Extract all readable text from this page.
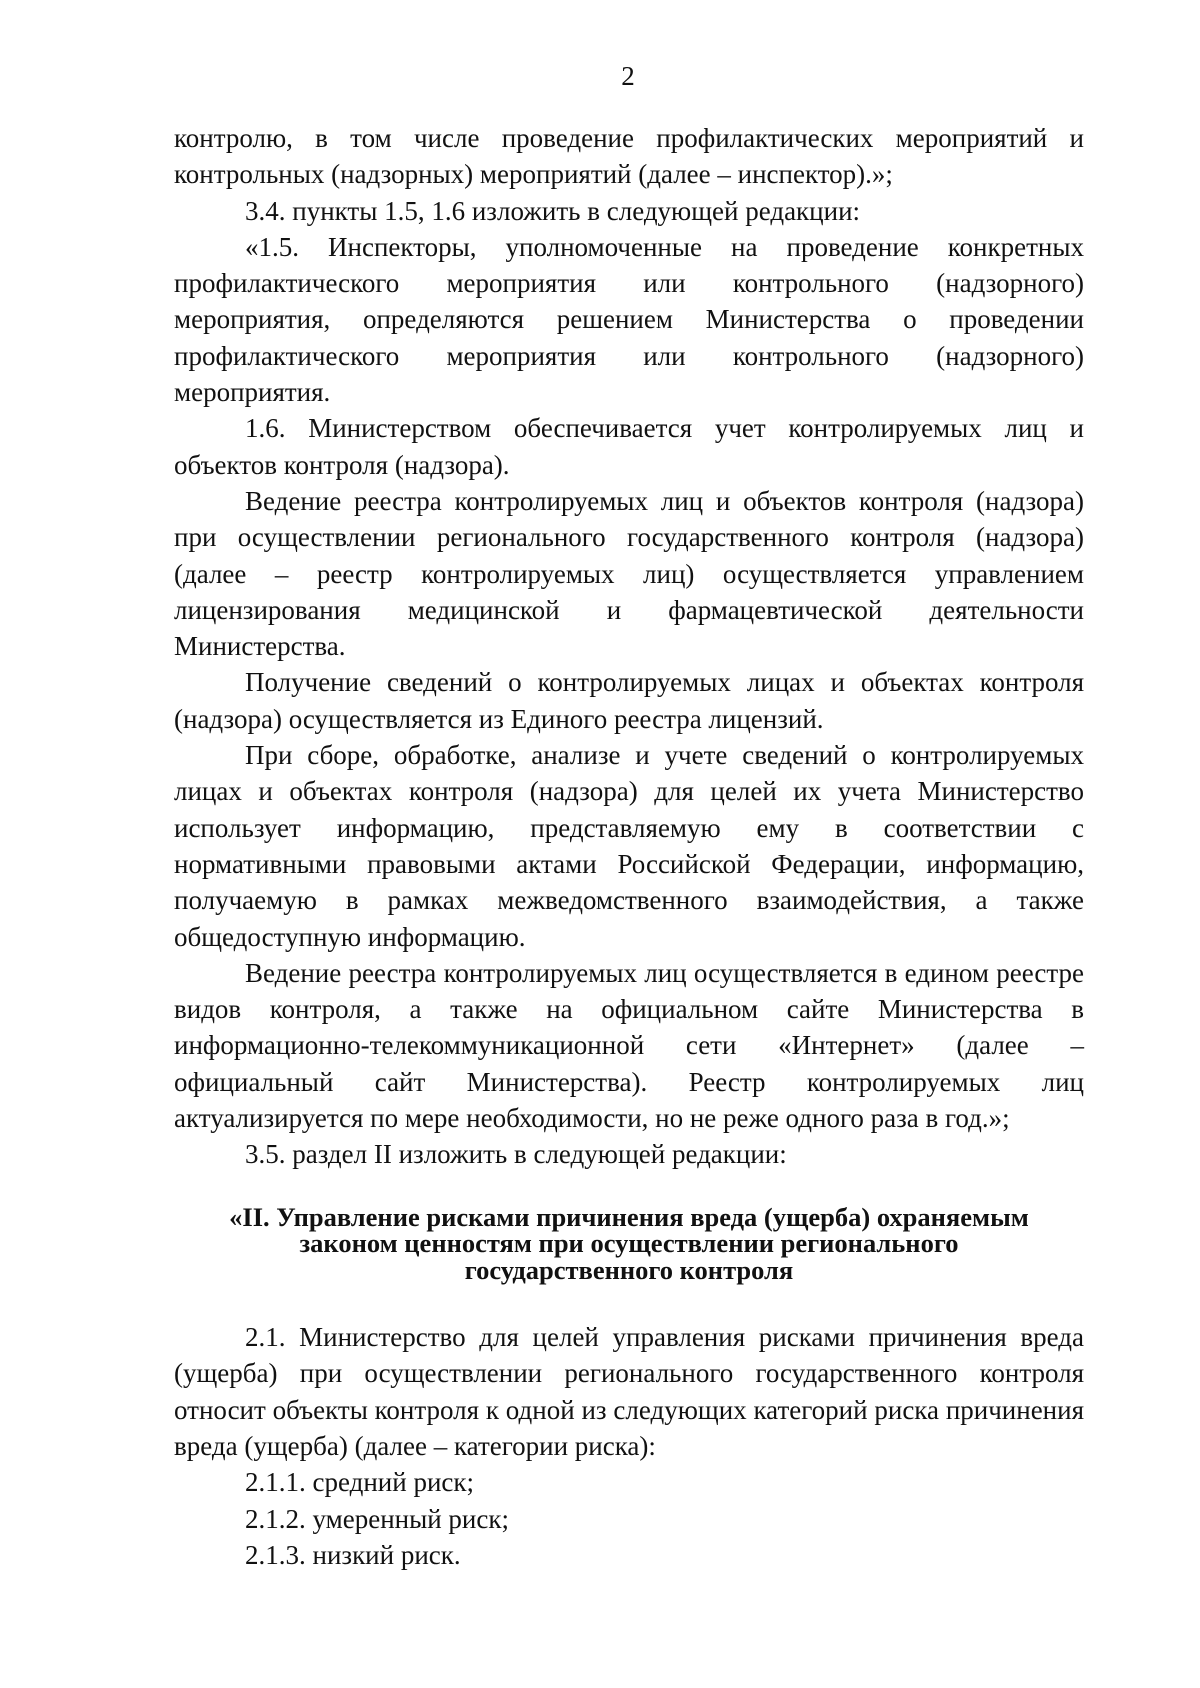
2

контролю, в том числе проведение профилактических мероприятий и контрольных (надзорных) мероприятий (далее – инспектор).»;

3.4. пункты 1.5, 1.6 изложить в следующей редакции:

«1.5. Инспекторы, уполномоченные на проведение конкретных профилактического мероприятия или контрольного (надзорного) мероприятия, определяются решением Министерства о проведении профилактического мероприятия или контрольного (надзорного) мероприятия.

1.6. Министерством обеспечивается учет контролируемых лиц и объектов контроля (надзора).

Ведение реестра контролируемых лиц и объектов контроля (надзора) при осуществлении регионального государственного контроля (надзора) (далее – реестр контролируемых лиц) осуществляется управлением лицензирования медицинской и фармацевтической деятельности Министерства.

Получение сведений о контролируемых лицах и объектах контроля (надзора) осуществляется из Единого реестра лицензий.

При сборе, обработке, анализе и учете сведений о контролируемых лицах и объектах контроля (надзора) для целей их учета Министерство использует информацию, представляемую ему в соответствии с нормативными правовыми актами Российской Федерации, информацию, получаемую в рамках межведомственного взаимодействия, а также общедоступную информацию.

Ведение реестра контролируемых лиц осуществляется в едином реестре видов контроля, а также на официальном сайте Министерства в информационно-телекоммуникационной сети «Интернет» (далее – официальный сайт Министерства). Реестр контролируемых лиц актуализируется по мере необходимости, но не реже одного раза в год.»;

3.5. раздел II изложить в следующей редакции:

«II. Управление рисками причинения вреда (ущерба) охраняемым
законом ценностям при осуществлении регионального
государственного контроля

2.1. Министерство для целей управления рисками причинения вреда (ущерба) при осуществлении регионального государственного контроля относит объекты контроля к одной из следующих категорий риска причинения вреда (ущерба) (далее – категории риска):

2.1.1. средний риск;

2.1.2. умеренный риск;

2.1.3. низкий риск.
